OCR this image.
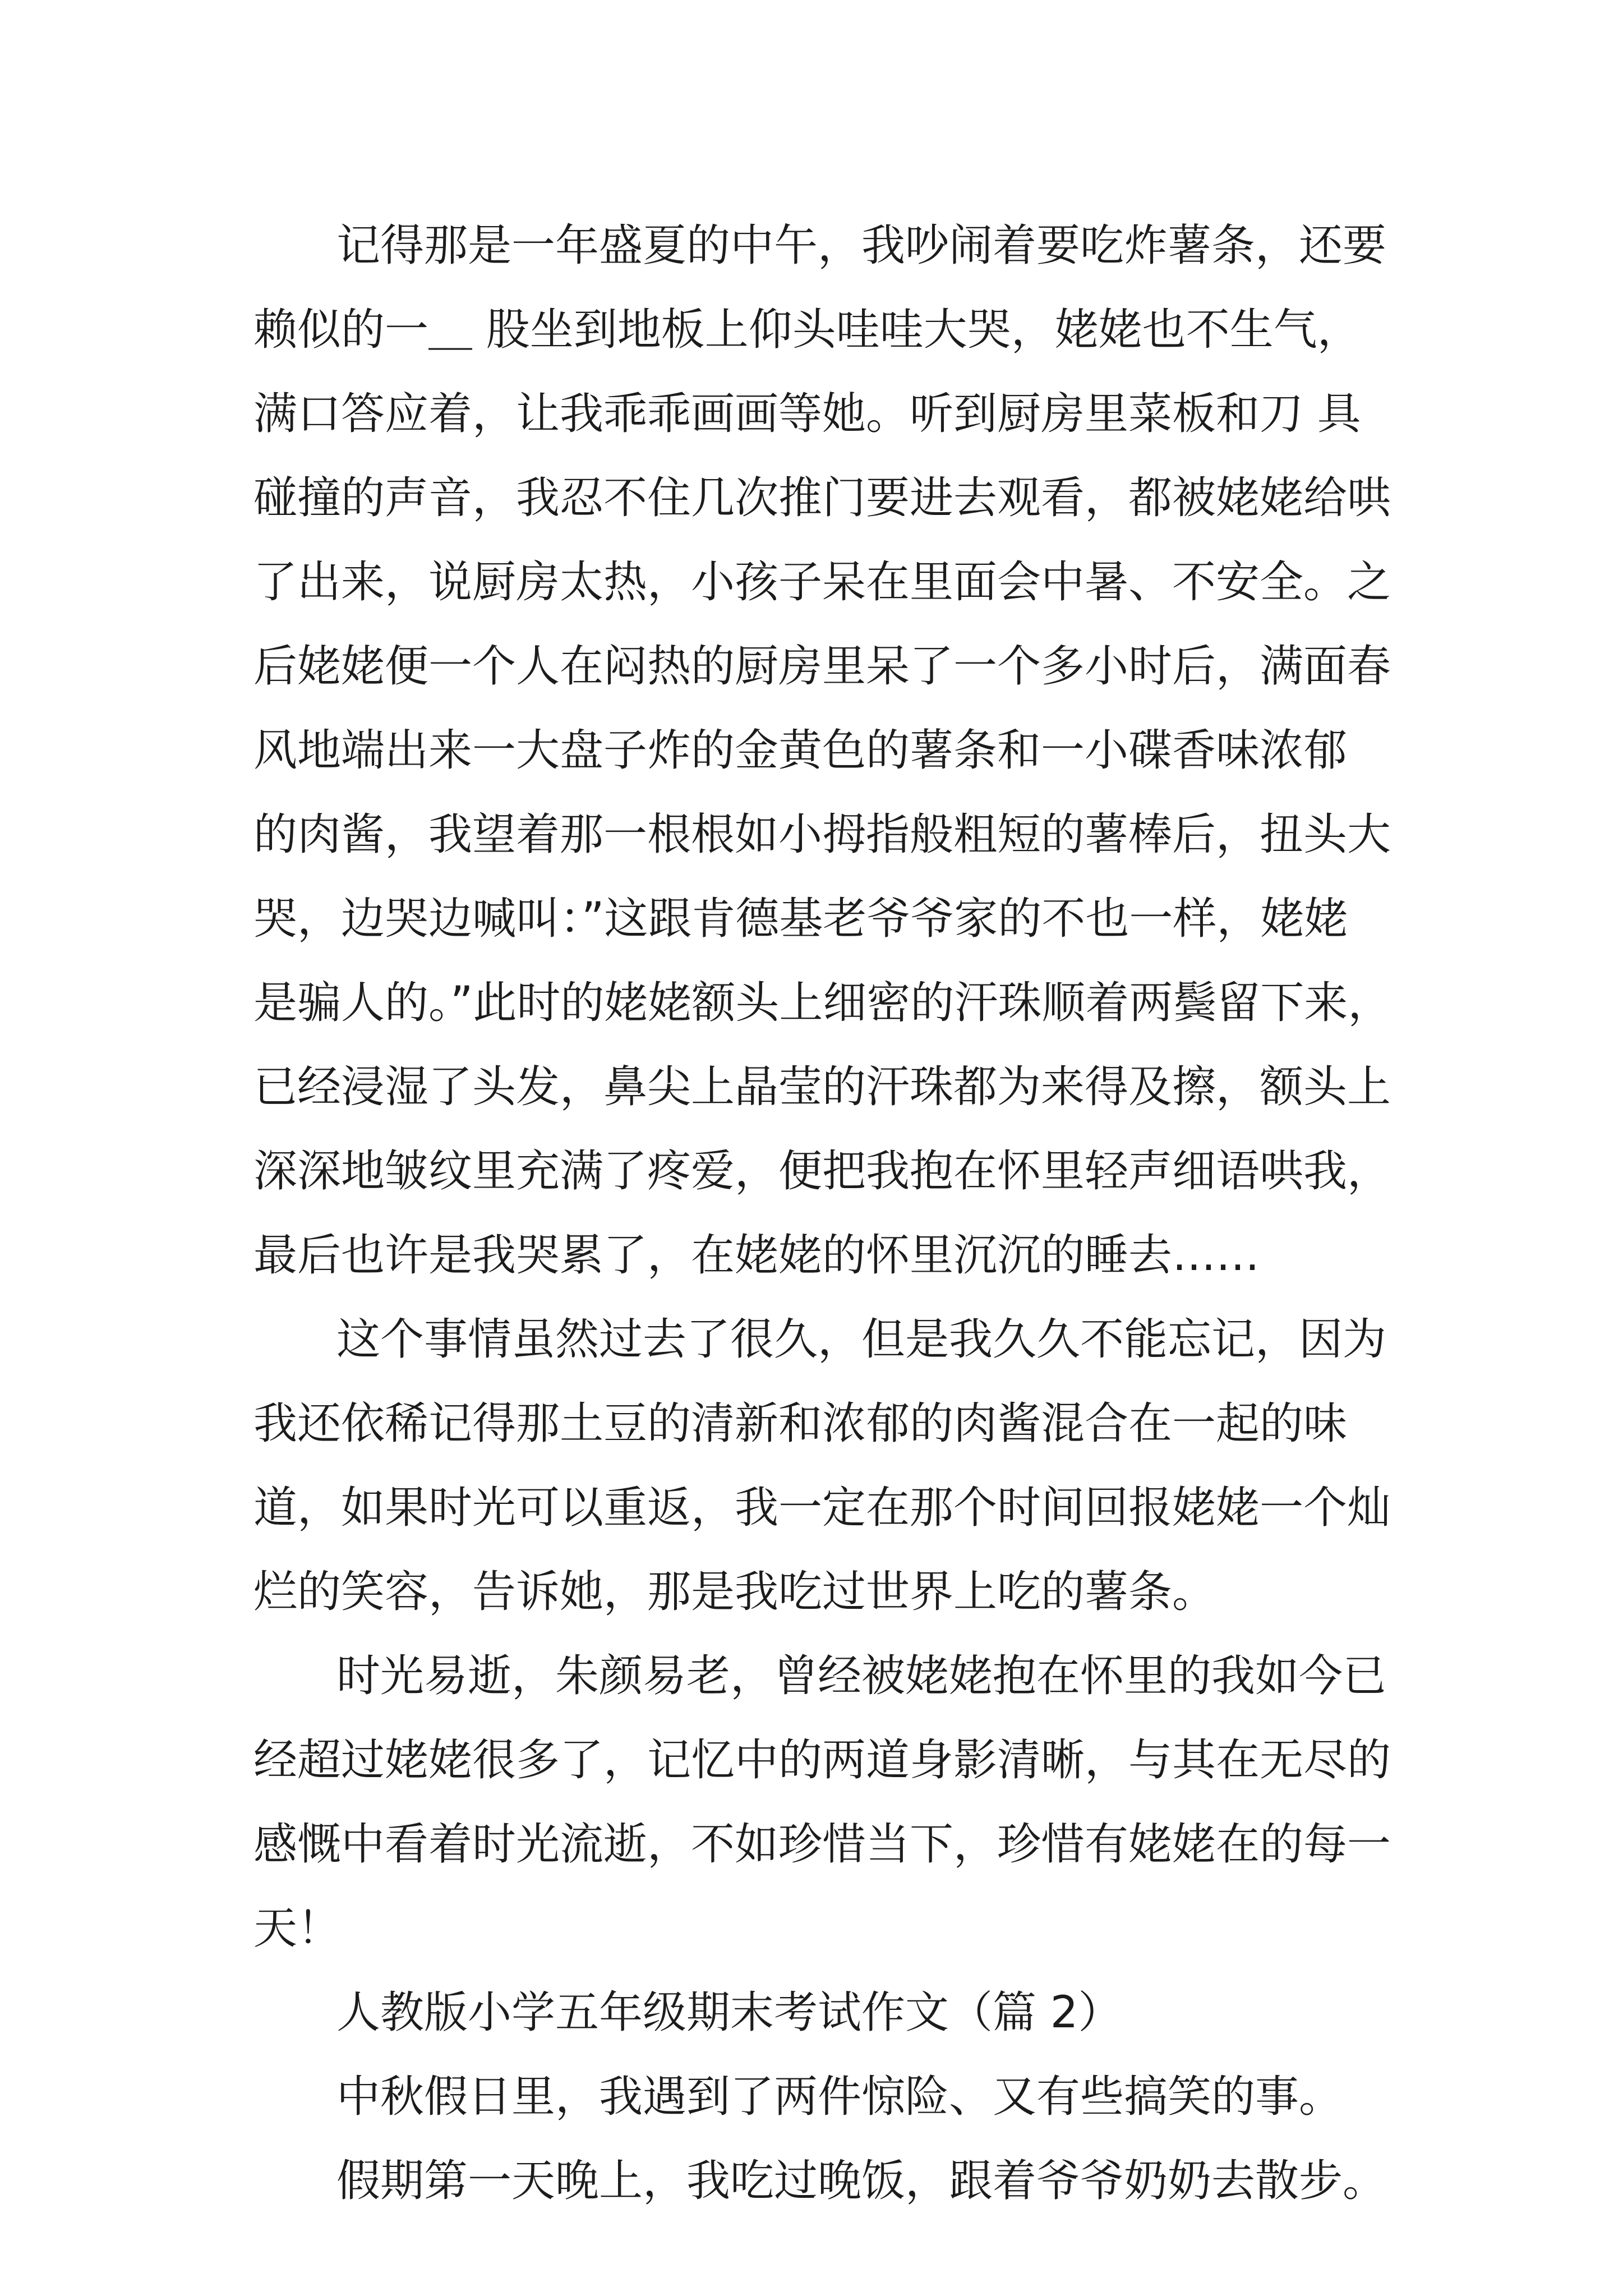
记得那是一年盛夏的中午，我吵闹着要吃炸薯条，还要

赖似的一＿ 股坐到地板上仰头哇哇大哭，姥姥也不生气，

满口答应着，让我乖乖画画等她。听到厨房里菜板和刀 具

碰撞的声音，我忍不住几次推门要进去观看，都被姥姥给哄

了出来，说厨房太热，小孩子呆在里面会中暑、不安全。之

后姥姥便一个人在闷热的厨房里呆了一个多小时后，满面春

风地端出来一大盘子炸的金黄色的薯条和一小碟香味浓郁

的肉酱，我望着那一根根如小拇指般粗短的薯棒后，扭头大

哭，边哭边喊叫：”这跟肯德基老爷爷家的不也一样，姥姥

是骗人的。”此时的姥姥额头上细密的汗珠顺着两鬓留下来，

已经浸湿了头发，鼻尖上晶莹的汗珠都为来得及擦，额头上

深深地皱纹里充满了疼爱，便把我抱在怀里轻声细语哄我，

最后也许是我哭累了，在姥姥的怀里沉沉的睡去……

这个事情虽然过去了很久，但是我久久不能忘记，因为

我还依稀记得那土豆的清新和浓郁的肉酱混合在一起的味

道，如果时光可以重返，我一定在那个时间回报姥姥一个灿

烂的笑容，告诉她，那是我吃过世界上吃的薯条。

时光易逝，朱颜易老，曾经被姥姥抱在怀里的我如今已

经超过姥姥很多了，记忆中的两道身影清晰，与其在无尽的

感慨中看着时光流逝，不如珍惜当下，珍惜有姥姥在的每一

天！

人教版小学五年级期末考试作文（篇 2）

中秋假日里，我遇到了两件惊险、又有些搞笑的事。

假期第一天晚上，我吃过晚饭，跟着爷爷奶奶去散步。
